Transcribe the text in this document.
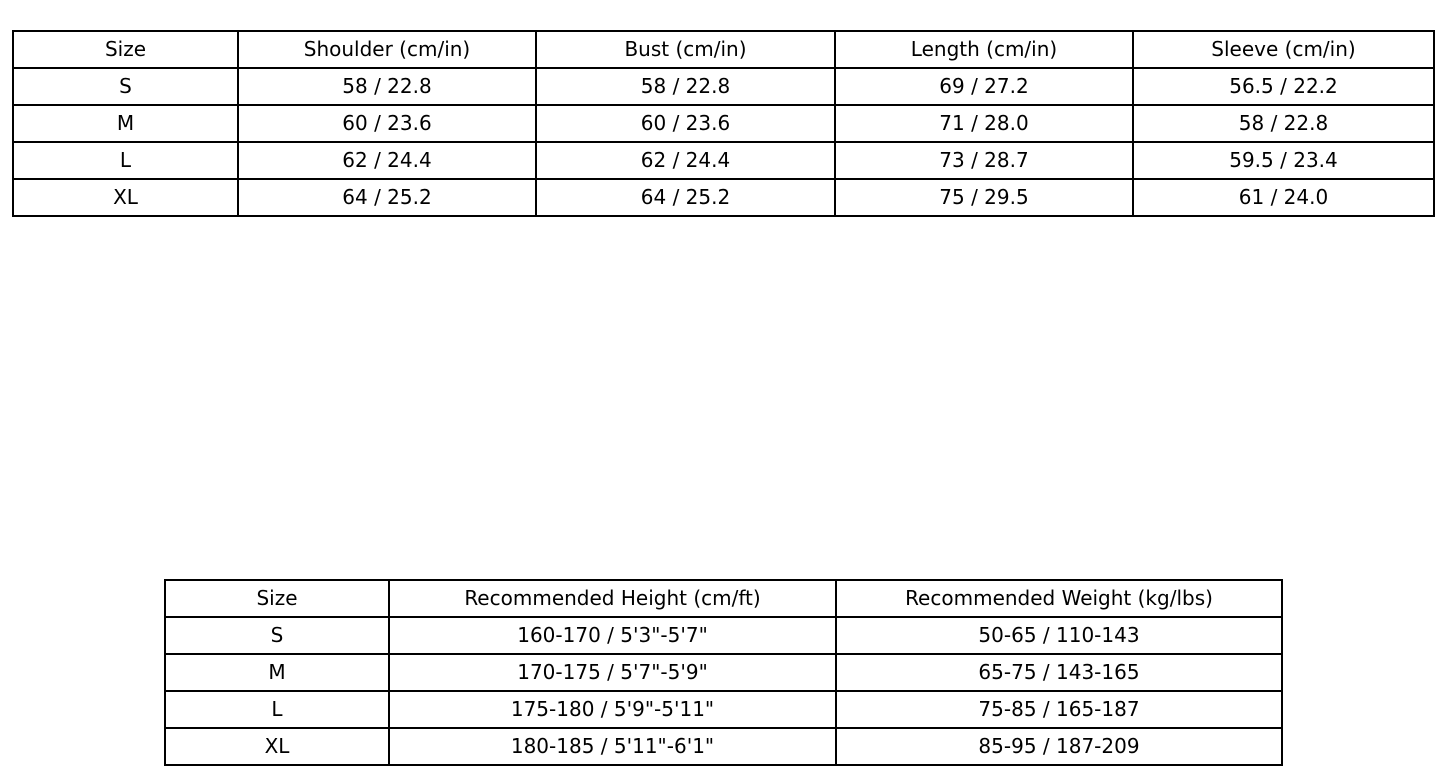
Size	Shoulder (cm/in)	Bust (cm/in)	Length (cm/in)	Sleeve (cm/in)
S	58 / 22.8	58 / 22.8	69 / 27.2	56.5 / 22.2
M	60 / 23.6	60 / 23.6	71 / 28.0	58 / 22.8
L	62 / 24.4	62 / 24.4	73 / 28.7	59.5 / 23.4
XL	64 / 25.2	64 / 25.2	75 / 29.5	61 / 24.0
Size	Recommended Height (cm/ft)	Recommended Weight (kg/lbs)
S	160-170 / 5'3"-5'7"	50-65 / 110-143
M	170-175 / 5'7"-5'9"	65-75 / 143-165
L	175-180 / 5'9"-5'11"	75-85 / 165-187
XL	180-185 / 5'11"-6'1"	85-95 / 187-209
